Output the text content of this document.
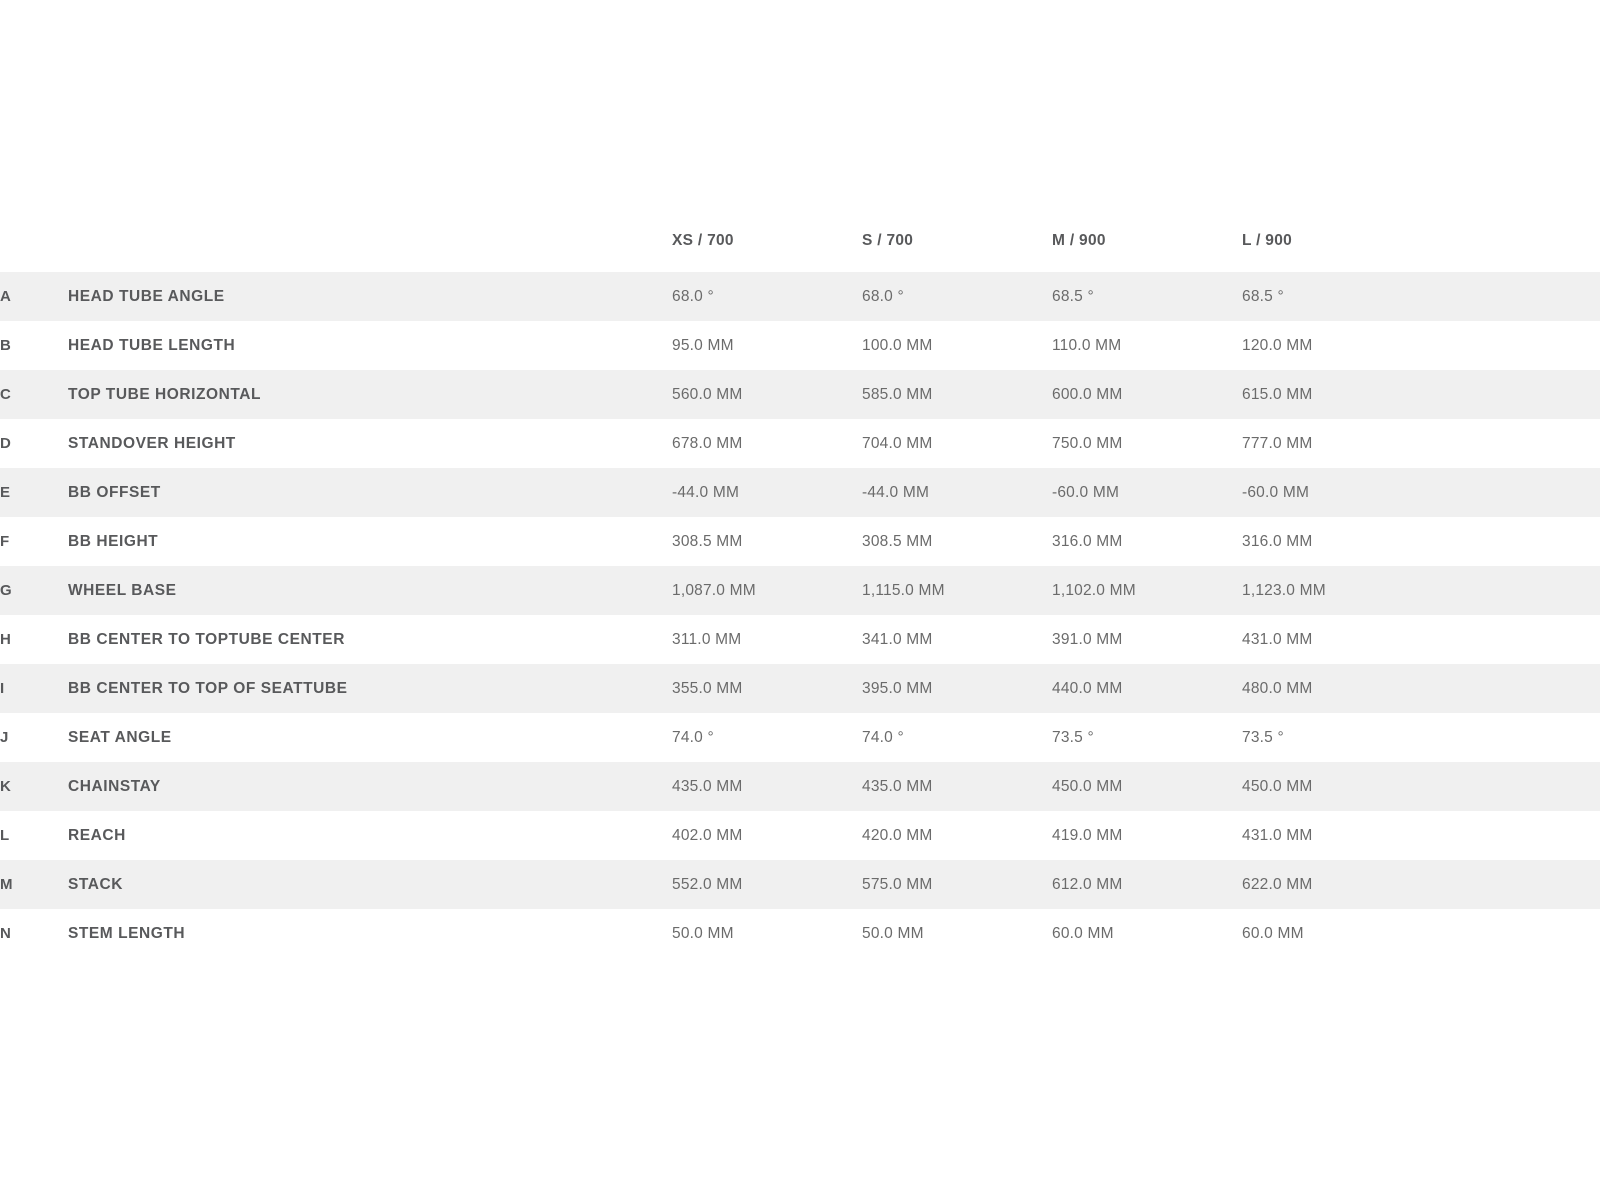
		XS / 700	S / 700	M / 900	L / 900	
A	HEAD TUBE ANGLE	68.0 °	68.0 °	68.5 °	68.5 °	
B	HEAD TUBE LENGTH	95.0 MM	100.0 MM	110.0 MM	120.0 MM	
C	TOP TUBE HORIZONTAL	560.0 MM	585.0 MM	600.0 MM	615.0 MM	
D	STANDOVER HEIGHT	678.0 MM	704.0 MM	750.0 MM	777.0 MM	
E	BB OFFSET	-44.0 MM	-44.0 MM	-60.0 MM	-60.0 MM	
F	BB HEIGHT	308.5 MM	308.5 MM	316.0 MM	316.0 MM	
G	WHEEL BASE	1,087.0 MM	1,115.0 MM	1,102.0 MM	1,123.0 MM	
H	BB CENTER TO TOPTUBE CENTER	311.0 MM	341.0 MM	391.0 MM	431.0 MM	
I	BB CENTER TO TOP OF SEATTUBE	355.0 MM	395.0 MM	440.0 MM	480.0 MM	
J	SEAT ANGLE	74.0 °	74.0 °	73.5 °	73.5 °	
K	CHAINSTAY	435.0 MM	435.0 MM	450.0 MM	450.0 MM	
L	REACH	402.0 MM	420.0 MM	419.0 MM	431.0 MM	
M	STACK	552.0 MM	575.0 MM	612.0 MM	622.0 MM	
N	STEM LENGTH	50.0 MM	50.0 MM	60.0 MM	60.0 MM	
